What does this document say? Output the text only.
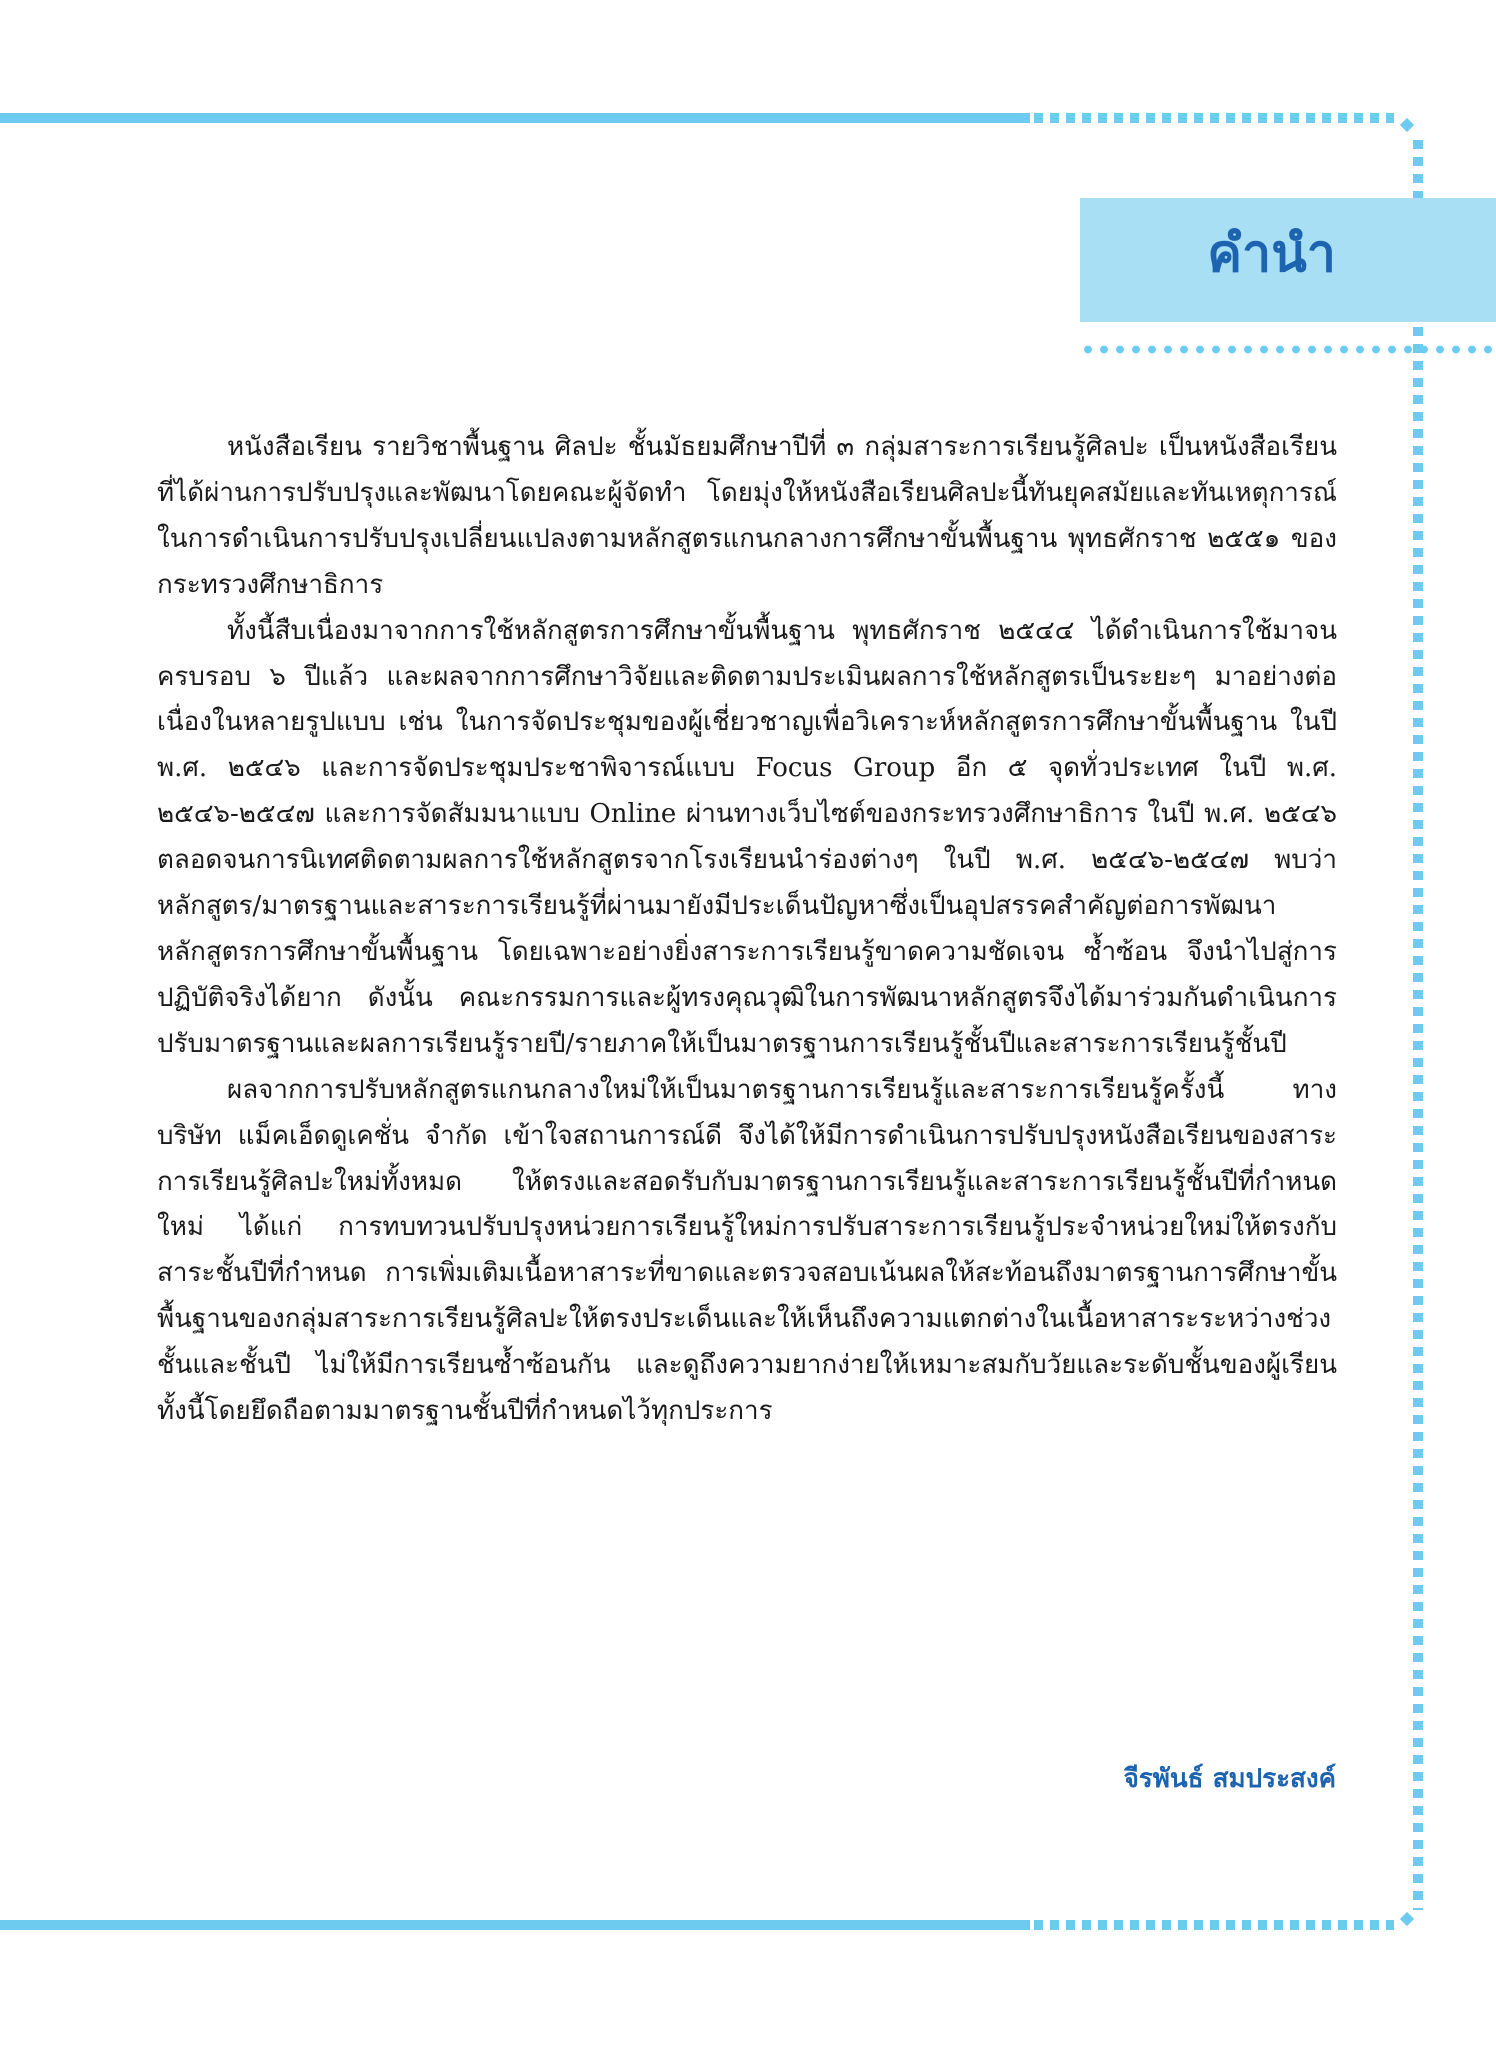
คำนำ

หนังสือเรียน รายวิชาพื้นฐาน ศิลปะ ชั้นมัธยมศึกษาปีที่ ๓ กลุ่มสาระการเรียนรู้ศิลปะ เป็นหนังสือเรียนที่ได้ผ่านการปรับปรุงและพัฒนาโดยคณะผู้จัดทำ โดยมุ่งให้หนังสือเรียนศิลปะนี้ทันยุคสมัยและทันเหตุการณ์ในการดำเนินการปรับปรุงเปลี่ยนแปลงตามหลักสูตรแกนกลางการศึกษาขั้นพื้นฐาน พุทธศักราช ๒๕๕๑ ของกระทรวงศึกษาธิการ

ทั้งนี้สืบเนื่องมาจากการใช้หลักสูตรการศึกษาขั้นพื้นฐาน พุทธศักราช ๒๕๔๔ ได้ดำเนินการใช้มาจนครบรอบ ๖ ปีแล้ว และผลจากการศึกษาวิจัยและติดตามประเมินผลการใช้หลักสูตรเป็นระยะๆ มาอย่างต่อเนื่องในหลายรูปแบบ เช่น ในการจัดประชุมของผู้เชี่ยวชาญเพื่อวิเคราะห์หลักสูตรการศึกษาขั้นพื้นฐาน ในปี พ.ศ. ๒๕๔๖ และการจัดประชุมประชาพิจารณ์แบบ Focus Group อีก ๕ จุดทั่วประเทศ ในปี พ.ศ. ๒๕๔๖-๒๕๔๗ และการจัดสัมมนาแบบ Online ผ่านทางเว็บไซต์ของกระทรวงศึกษาธิการ ในปี พ.ศ. ๒๕๔๖ ตลอดจนการนิเทศติดตามผลการใช้หลักสูตรจากโรงเรียนนำร่องต่างๆ ในปี พ.ศ. ๒๕๔๖-๒๕๔๗ พบว่า หลักสูตร/มาตรฐานและสาระการเรียนรู้ที่ผ่านมายังมีประเด็นปัญหาซึ่งเป็นอุปสรรคสำคัญต่อการพัฒนาหลักสูตรการศึกษาขั้นพื้นฐาน โดยเฉพาะอย่างยิ่งสาระการเรียนรู้ขาดความชัดเจน ซ้ำซ้อน จึงนำไปสู่การปฏิบัติจริงได้ยาก ดังนั้น คณะกรรมการและผู้ทรงคุณวุฒิในการพัฒนาหลักสูตรจึงได้มาร่วมกันดำเนินการปรับมาตรฐานและผลการเรียนรู้รายปี/รายภาคให้เป็นมาตรฐานการเรียนรู้ชั้นปีและสาระการเรียนรู้ชั้นปี

ผลจากการปรับหลักสูตรแกนกลางใหม่ให้เป็นมาตรฐานการเรียนรู้และสาระการเรียนรู้ครั้งนี้ ทางบริษัท แม็คเอ็ดดูเคชั่น จำกัด เข้าใจสถานการณ์ดี จึงได้ให้มีการดำเนินการปรับปรุงหนังสือเรียนของสาระการเรียนรู้ศิลปะใหม่ทั้งหมด ให้ตรงและสอดรับกับมาตรฐานการเรียนรู้และสาระการเรียนรู้ชั้นปีที่กำหนดใหม่ ได้แก่ การทบทวนปรับปรุงหน่วยการเรียนรู้ใหม่การปรับสาระการเรียนรู้ประจำหน่วยใหม่ให้ตรงกับสาระชั้นปีที่กำหนด การเพิ่มเติมเนื้อหาสาระที่ขาดและตรวจสอบเน้นผลให้สะท้อนถึงมาตรฐานการศึกษาขั้นพื้นฐานของกลุ่มสาระการเรียนรู้ศิลปะให้ตรงประเด็นและให้เห็นถึงความแตกต่างในเนื้อหาสาระระหว่างช่วงชั้นและชั้นปี ไม่ให้มีการเรียนซ้ำซ้อนกัน และดูถึงความยากง่ายให้เหมาะสมกับวัยและระดับชั้นของผู้เรียน ทั้งนี้โดยยึดถือตามมาตรฐานชั้นปีที่กำหนดไว้ทุกประการ

จีรพันธ์ สมประสงค์
